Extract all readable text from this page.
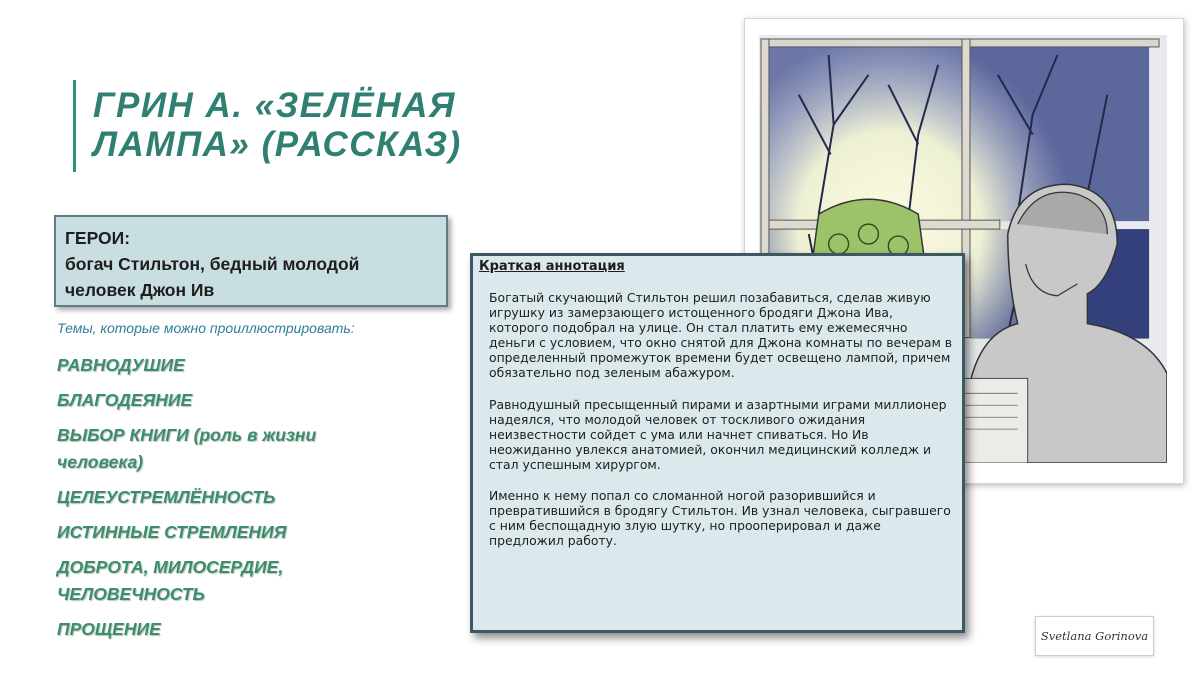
ГРИН А. «ЗЕЛЁНАЯ
ЛАМПА» (РАССКАЗ)
ГЕРОИ:
богач Стильтон, бедный молодой
человек Джон Ив
Темы, которые можно проиллюстрировать:
РАВНОДУШИЕ
БЛАГОДЕЯНИЕ
ВЫБОР КНИГИ (роль в жизни человека)
ЦЕЛЕУСТРЕМЛЁННОСТЬ
ИСТИННЫЕ СТРЕМЛЕНИЯ
ДОБРОТА, МИЛОСЕРДИЕ, ЧЕЛОВЕЧНОСТЬ
ПРОЩЕНИЕ
Краткая аннотация

Богатый скучающий Стильтон решил позабавиться, сделав живую игрушку из замерзающего истощенного бродяги Джона Ива, которого подобрал на улице. Он стал платить ему ежемесячно деньги с условием, что окно снятой для Джона комнаты по вечерам в определенный промежуток времени будет освещено лампой, причем обязательно под зеленым абажуром.

Равнодушный пресыщенный пирами и азартными играми миллионер надеялся, что молодой человек от тоскливого ожидания неизвестности сойдет с ума или начнет спиваться. Но Ив неожиданно увлекся анатомией, окончил медицинский колледж и стал успешным хирургом.

Именно к нему попал со сломанной ногой разорившийся и превратившийся в бродягу Стильтон. Ив узнал человека, сыгравшего с ним беспощадную злую шутку, но прооперировал и даже предложил работу.

Svetlana Gorinova
